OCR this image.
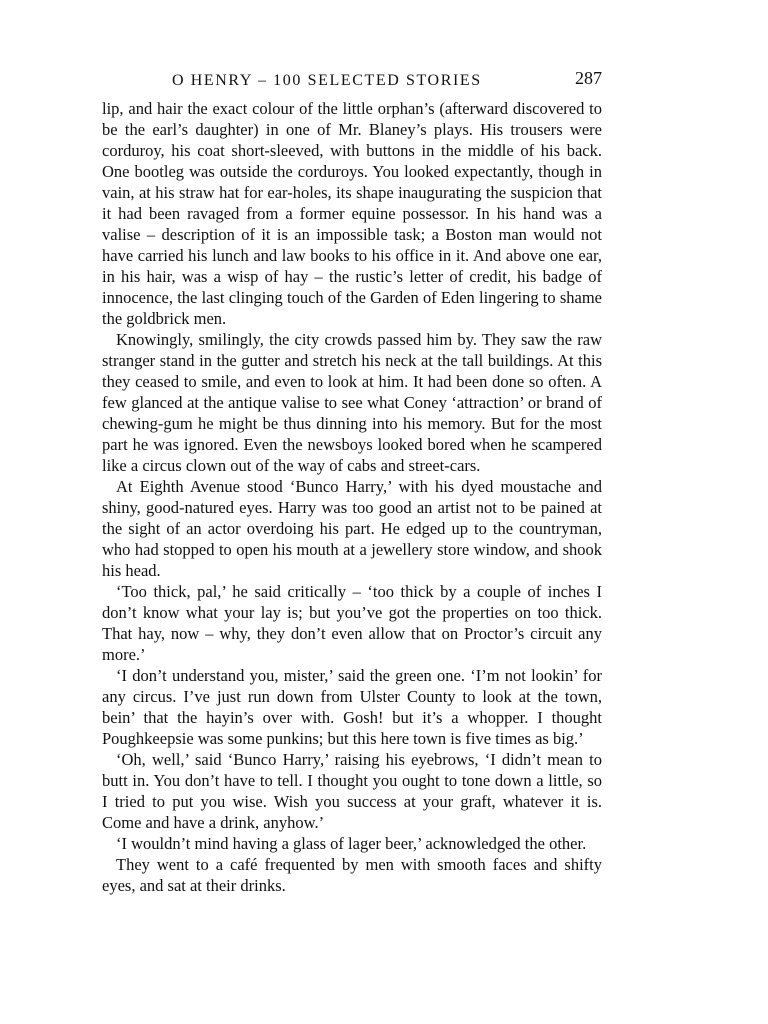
O HENRY – 100 SELECTED STORIES	287

lip, and hair the exact colour of the little orphan’s (afterward discovered to be the earl’s daughter) in one of Mr. Blaney’s plays. His trousers were corduroy, his coat short-sleeved, with buttons in the middle of his back. One bootleg was outside the corduroys. You looked expectantly, though in vain, at his straw hat for ear-holes, its shape inaugurating the suspicion that it had been ravaged from a former equine possessor. In his hand was a valise – description of it is an impossible task; a Boston man would not have carried his lunch and law books to his office in it. And above one ear, in his hair, was a wisp of hay – the rustic’s letter of credit, his badge of innocence, the last clinging touch of the Garden of Eden lingering to shame the goldbrick men.

Knowingly, smilingly, the city crowds passed him by. They saw the raw stranger stand in the gutter and stretch his neck at the tall buildings. At this they ceased to smile, and even to look at him. It had been done so often. A few glanced at the antique valise to see what Coney ‘attraction’ or brand of chewing-gum he might be thus dinning into his memory. But for the most part he was ignored. Even the newsboys looked bored when he scampered like a circus clown out of the way of cabs and street-cars.

At Eighth Avenue stood ‘Bunco Harry,’ with his dyed moustache and shiny, good-natured eyes. Harry was too good an artist not to be pained at the sight of an actor overdoing his part. He edged up to the countryman, who had stopped to open his mouth at a jewellery store window, and shook his head.

‘Too thick, pal,’ he said critically – ‘too thick by a couple of inches I don’t know what your lay is; but you’ve got the properties on too thick. That hay, now – why, they don’t even allow that on Proctor’s circuit any more.’

‘I don’t understand you, mister,’ said the green one. ‘I’m not lookin’ for any circus. I’ve just run down from Ulster County to look at the town, bein’ that the hayin’s over with. Gosh! but it’s a whopper. I thought Poughkeepsie was some punkins; but this here town is five times as big.’

‘Oh, well,’ said ‘Bunco Harry,’ raising his eyebrows, ‘I didn’t mean to butt in. You don’t have to tell. I thought you ought to tone down a little, so I tried to put you wise. Wish you success at your graft, whatever it is. Come and have a drink, anyhow.’

‘I wouldn’t mind having a glass of lager beer,’ acknowledged the other.

They went to a café frequented by men with smooth faces and shifty eyes, and sat at their drinks.
